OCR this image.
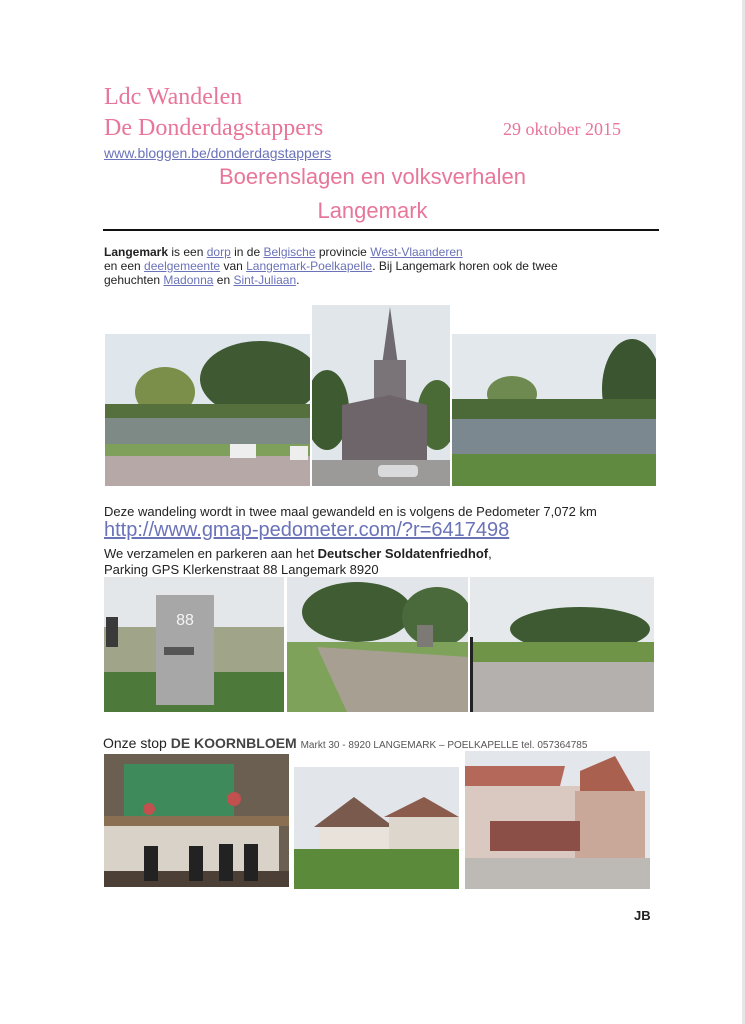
Ldc Wandelen
De Donderdagstappers	29 oktober 2015
www.bloggen.be/donderdagstappers
Boerenslagen en volksverhalen
Langemark
Langemark is een dorp in de Belgische provincie West-Vlaanderen
en een deelgemeente van Langemark-Poelkapelle. Bij Langemark horen ook de twee
gehuchten Madonna en Sint-Juliaan.
Deze wandeling wordt in twee maal gewandeld en is volgens de Pedometer 7,072 km
http://www.gmap-pedometer.com/?r=6417498
We verzamelen en parkeren aan het Deutscher Soldatenfriedhof,
Parking GPS Klerkenstraat 88 Langemark 8920
88
Onze stop DE KOORNBLOEM Markt 30 - 8920 LANGEMARK – POELKAPELLE tel. 057364785
JB
